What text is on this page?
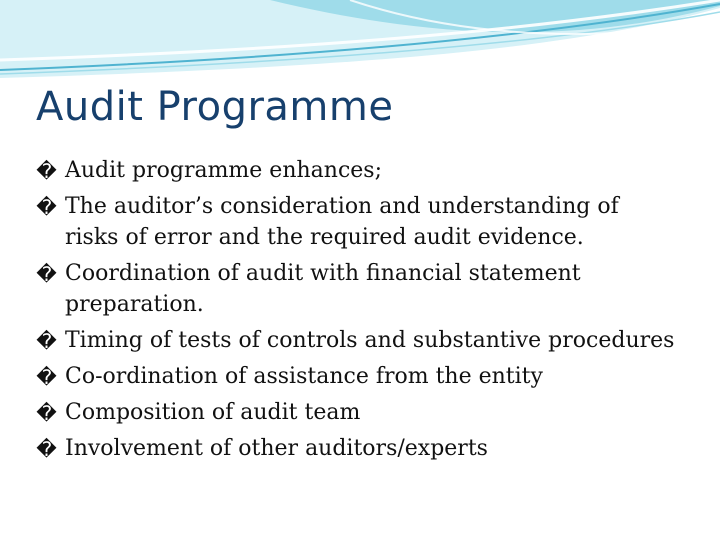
Audit Programme
� Audit programme enhances;
� The auditor’s consideration and understanding of risks of error and the required audit evidence.
� Coordination of audit with financial statement preparation.
� Timing of tests of controls and substantive procedures
� Co-ordination of assistance from the entity
� Composition of audit team
� Involvement of other auditors/experts
